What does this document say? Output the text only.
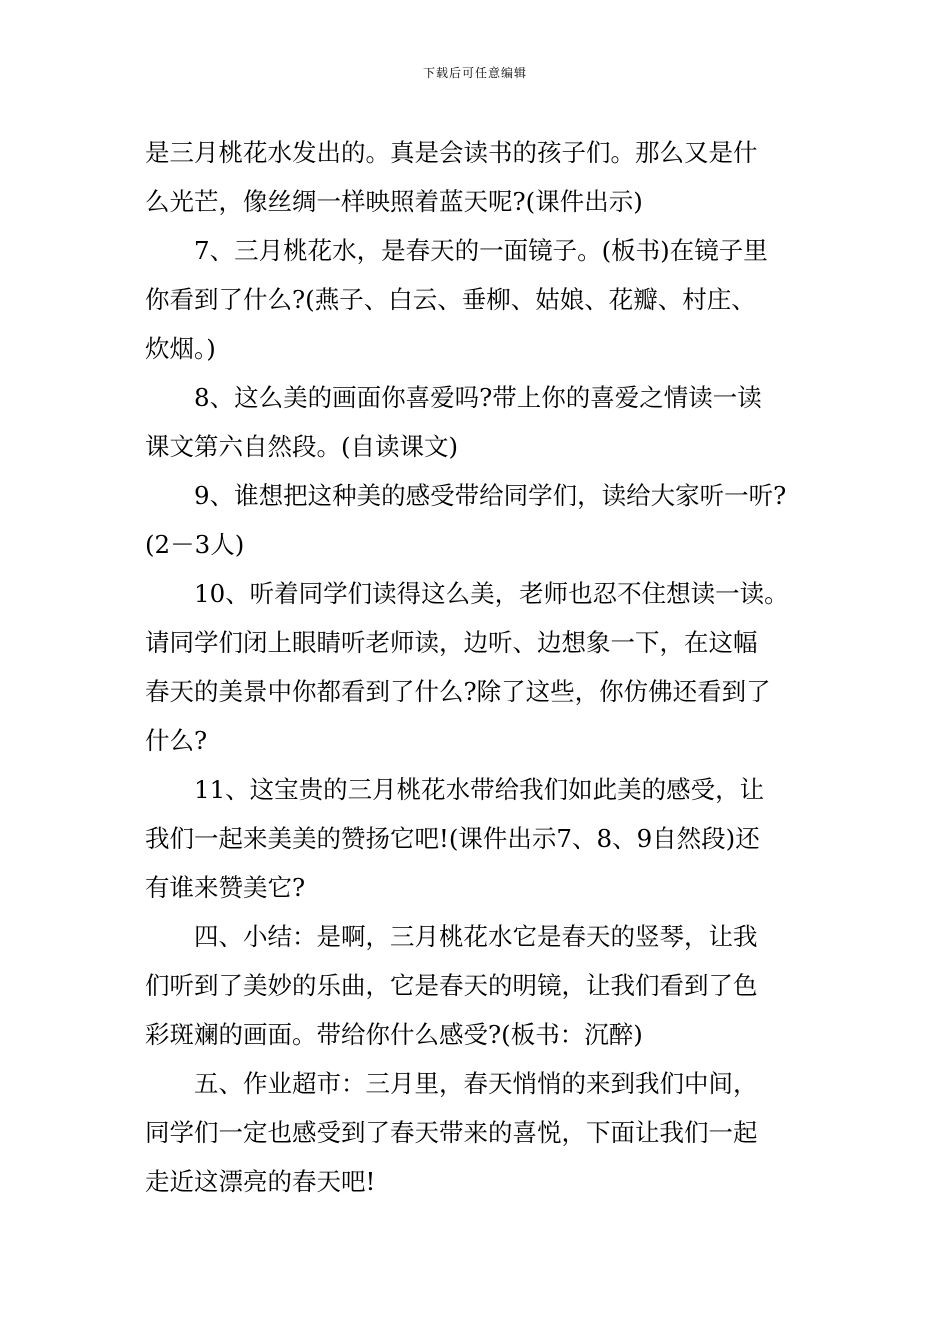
下载后可任意编辑
是三月桃花水发出的。真是会读书的孩子们。那么又是什
么光芒，像丝绸一样映照着蓝天呢?(课件出示)
7、三月桃花水，是春天的一面镜子。(板书)在镜子里
你看到了什么?(燕子、白云、垂柳、姑娘、花瓣、村庄、
炊烟。)
8、这么美的画面你喜爱吗?带上你的喜爱之情读一读
课文第六自然段。(自读课文)
9、谁想把这种美的感受带给同学们，读给大家听一听?
(2－3人)
10、听着同学们读得这么美，老师也忍不住想读一读。
请同学们闭上眼睛听老师读，边听、边想象一下，在这幅
春天的美景中你都看到了什么?除了这些，你仿佛还看到了
什么?
11、这宝贵的三月桃花水带给我们如此美的感受，让
我们一起来美美的赞扬它吧!(课件出示7、8、9自然段)还
有谁来赞美它?
四、小结：是啊，三月桃花水它是春天的竖琴，让我
们听到了美妙的乐曲，它是春天的明镜，让我们看到了色
彩斑斓的画面。带给你什么感受?(板书：沉醉)
五、作业超市：三月里，春天悄悄的来到我们中间，
同学们一定也感受到了春天带来的喜悦，下面让我们一起
走近这漂亮的春天吧!
